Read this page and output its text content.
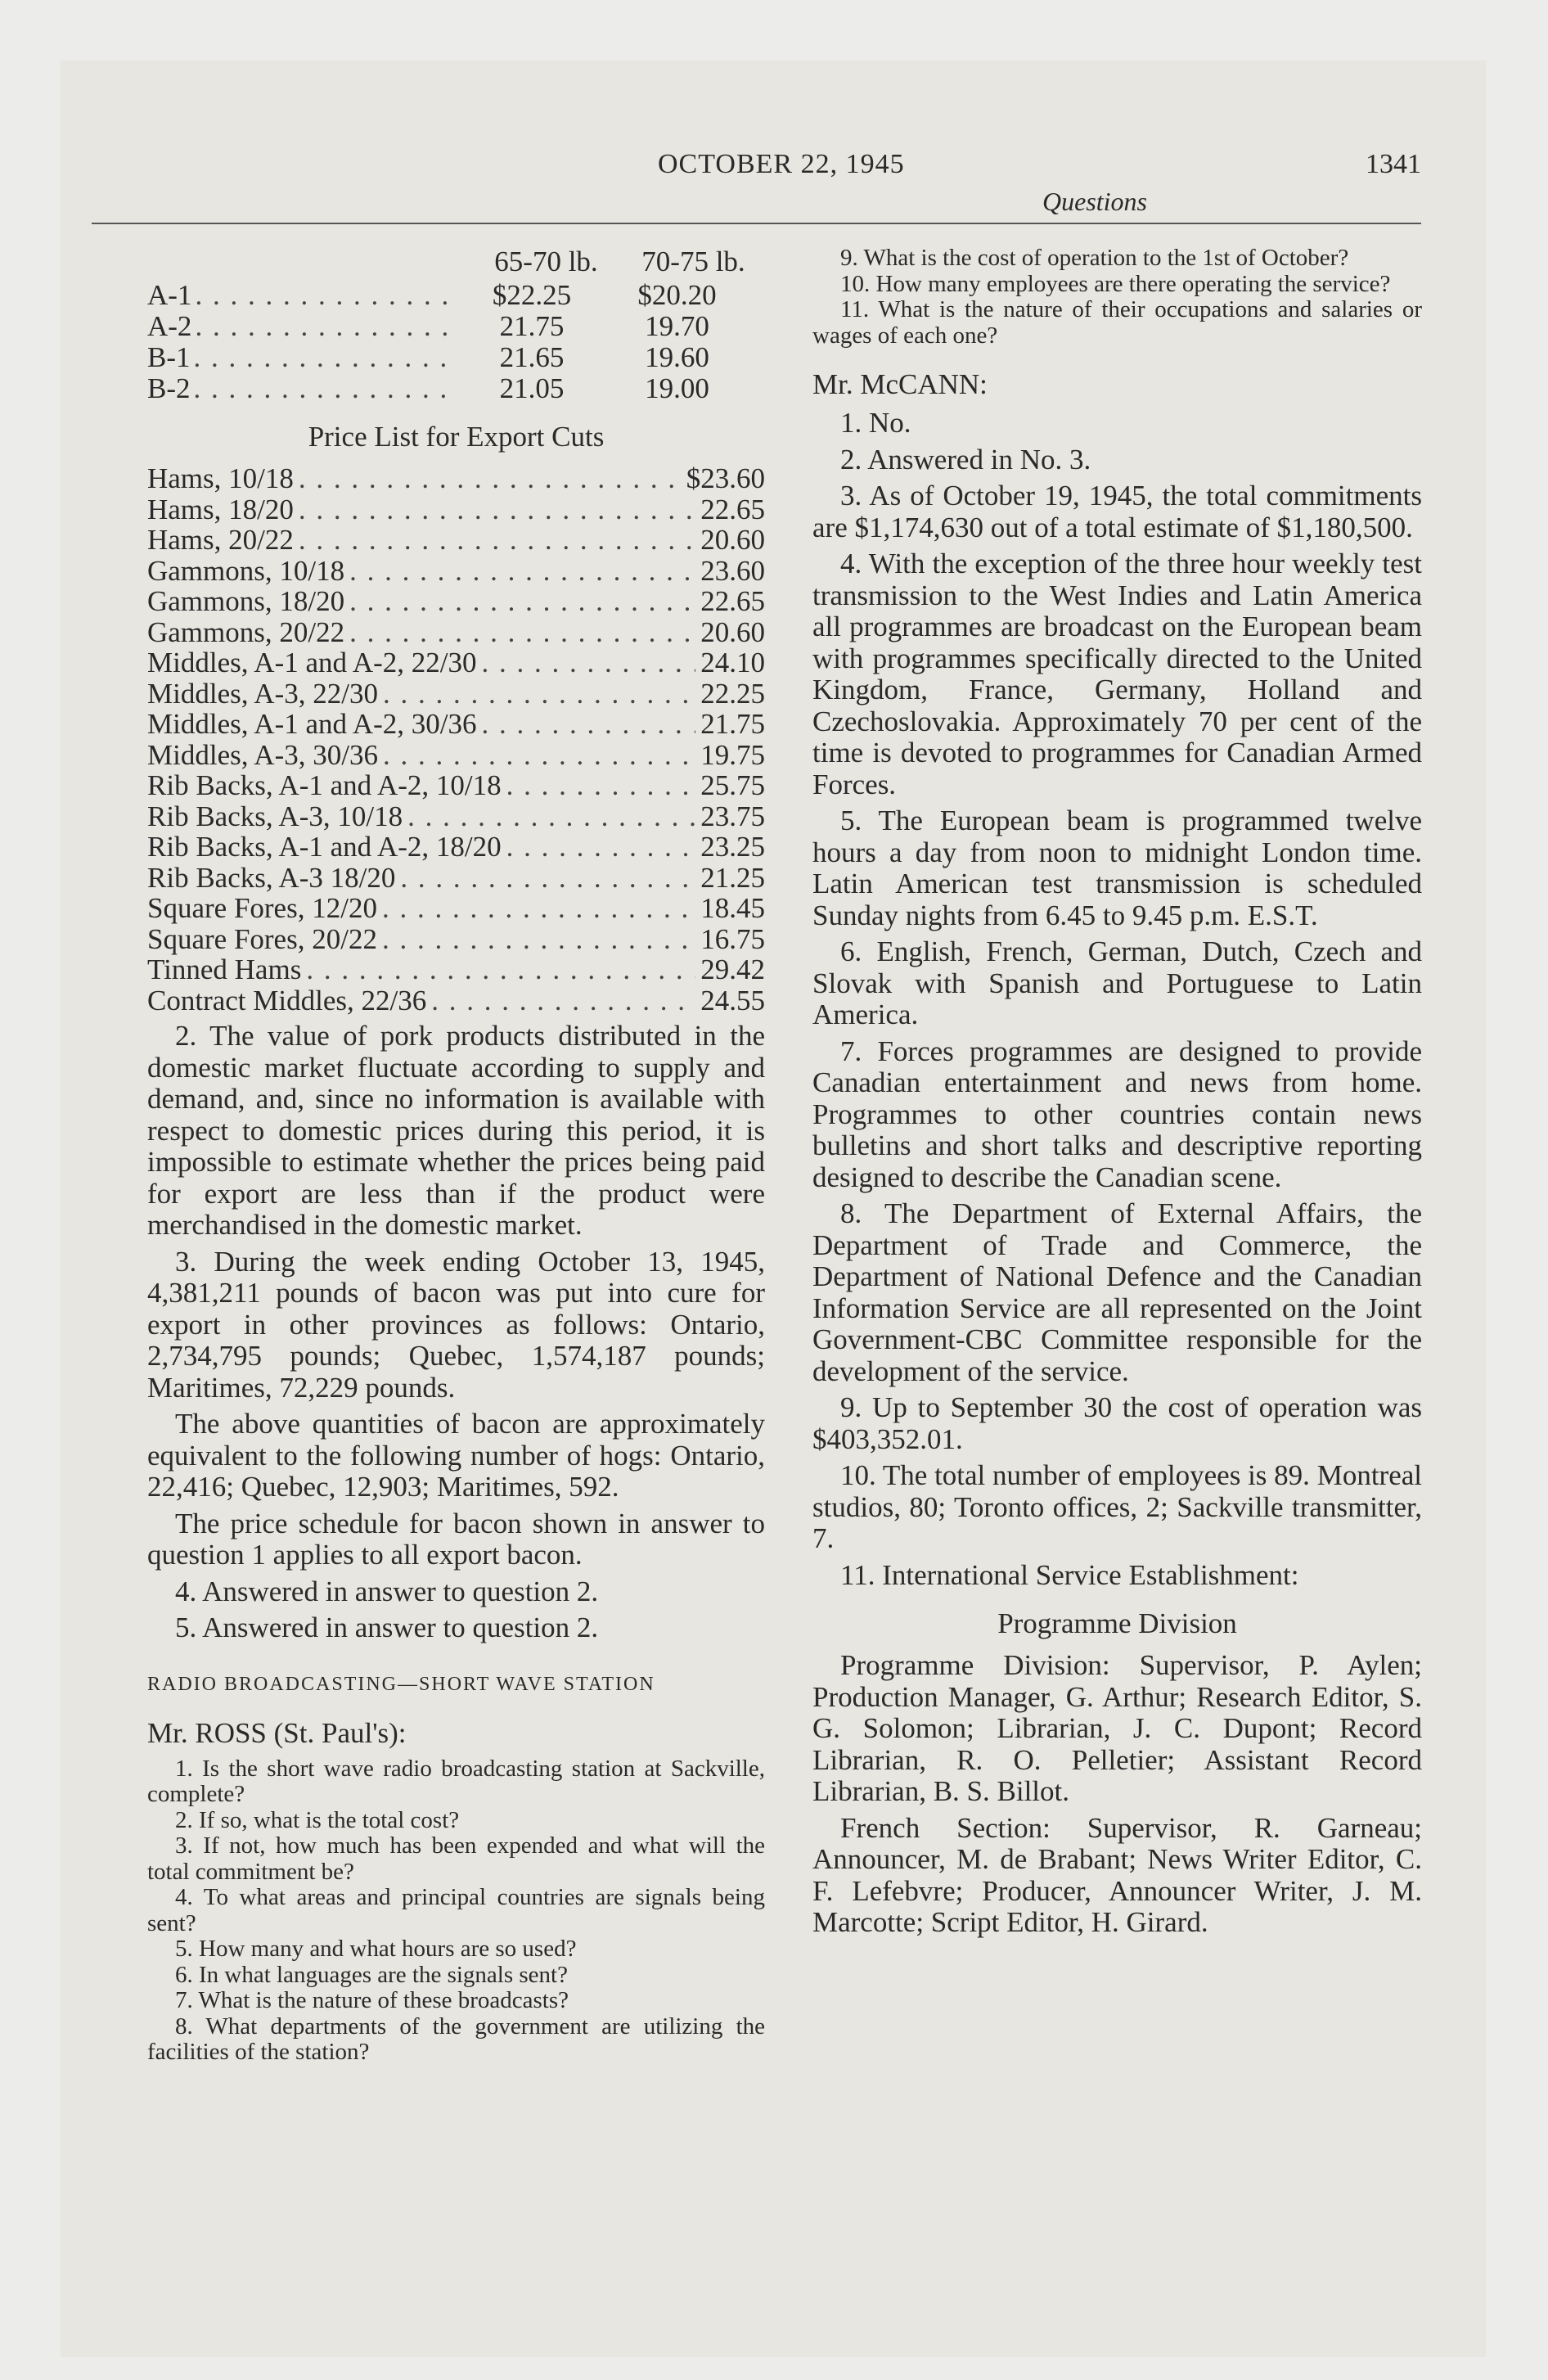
OCTOBER 22, 1945	1341
Questions
65-70 lb.	70-75 lb.
A-1 . . .	$22.25	$20.20
A-2 . . .	21.75	19.70
B-1 . . .	21.65	19.60
B-2 . . .	21.05	19.00
Price List for Export Cuts
Hams, 10/18 . . .	$23.60
Hams, 18/20 . . .	22.65
Hams, 20/22 . . .	20.60
Gammons, 10/18 . . .	23.60
Gammons, 18/20 . . .	22.65
Gammons, 20/22 . . .	20.60
Middles, A-1 and A-2, 22/30 . . .	24.10
Middles, A-3, 22/30 . . .	22.25
Middles, A-1 and A-2, 30/36 . . .	21.75
Middles, A-3, 30/36 . . .	19.75
Rib Backs, A-1 and A-2, 10/18 . . .	25.75
Rib Backs, A-3, 10/18 . . .	23.75
Rib Backs, A-1 and A-2, 18/20 . . .	23.25
Rib Backs, A-3 18/20 . . .	21.25
Square Fores, 12/20 . . .	18.45
Square Fores, 20/22 . . .	16.75
Tinned Hams . . .	29.42
Contract Middles, 22/36 . . .	24.55

2. The value of pork products distributed in the domestic market fluctuate according to supply and demand, and, since no information is available with respect to domestic prices during this period, it is impossible to estimate whether the prices being paid for export are less than if the product were merchandised in the domestic market.

3. During the week ending October 13, 1945, 4,381,211 pounds of bacon was put into cure for export in other provinces as follows: Ontario, 2,734,795 pounds; Quebec, 1,574,187 pounds; Maritimes, 72,229 pounds.

The above quantities of bacon are approximately equivalent to the following number of hogs: Ontario, 22,416; Quebec, 12,903; Maritimes, 592.

The price schedule for bacon shown in answer to question 1 applies to all export bacon.

4. Answered in answer to question 2.

5. Answered in answer to question 2.

RADIO BROADCASTING—SHORT WAVE STATION
Mr. ROSS (St. Paul's):

1. Is the short wave radio broadcasting station at Sackville, complete?

2. If so, what is the total cost?

3. If not, how much has been expended and what will the total commitment be?

4. To what areas and principal countries are signals being sent?

5. How many and what hours are so used?

6. In what languages are the signals sent?

7. What is the nature of these broadcasts?

8. What departments of the government are utilizing the facilities of the station?

9. What is the cost of operation to the 1st of October?

10. How many employees are there operating the service?

11. What is the nature of their occupations and salaries or wages of each one?

Mr. McCANN:

1. No.

2. Answered in No. 3.

3. As of October 19, 1945, the total commitments are $1,174,630 out of a total estimate of $1,180,500.

4. With the exception of the three hour weekly test transmission to the West Indies and Latin America all programmes are broadcast on the European beam with programmes specifically directed to the United Kingdom, France, Germany, Holland and Czechoslovakia. Approximately 70 per cent of the time is devoted to programmes for Canadian Armed Forces.

5. The European beam is programmed twelve hours a day from noon to midnight London time. Latin American test transmission is scheduled Sunday nights from 6.45 to 9.45 p.m. E.S.T.

6. English, French, German, Dutch, Czech and Slovak with Spanish and Portuguese to Latin America.

7. Forces programmes are designed to provide Canadian entertainment and news from home. Programmes to other countries contain news bulletins and short talks and descriptive reporting designed to describe the Canadian scene.

8. The Department of External Affairs, the Department of Trade and Commerce, the Department of National Defence and the Canadian Information Service are all represented on the Joint Government-CBC Committee responsible for the development of the service.

9. Up to September 30 the cost of operation was $403,352.01.

10. The total number of employees is 89. Montreal studios, 80; Toronto offices, 2; Sackville transmitter, 7.

11. International Service Establishment:

Programme Division

Programme Division: Supervisor, P. Aylen; Production Manager, G. Arthur; Research Editor, S. G. Solomon; Librarian, J. C. Dupont; Record Librarian, R. O. Pelletier; Assistant Record Librarian, B. S. Billot.

French Section: Supervisor, R. Garneau; Announcer, M. de Brabant; News Writer Editor, C. F. Lefebvre; Producer, Announcer Writer, J. M. Marcotte; Script Editor, H. Girard.
